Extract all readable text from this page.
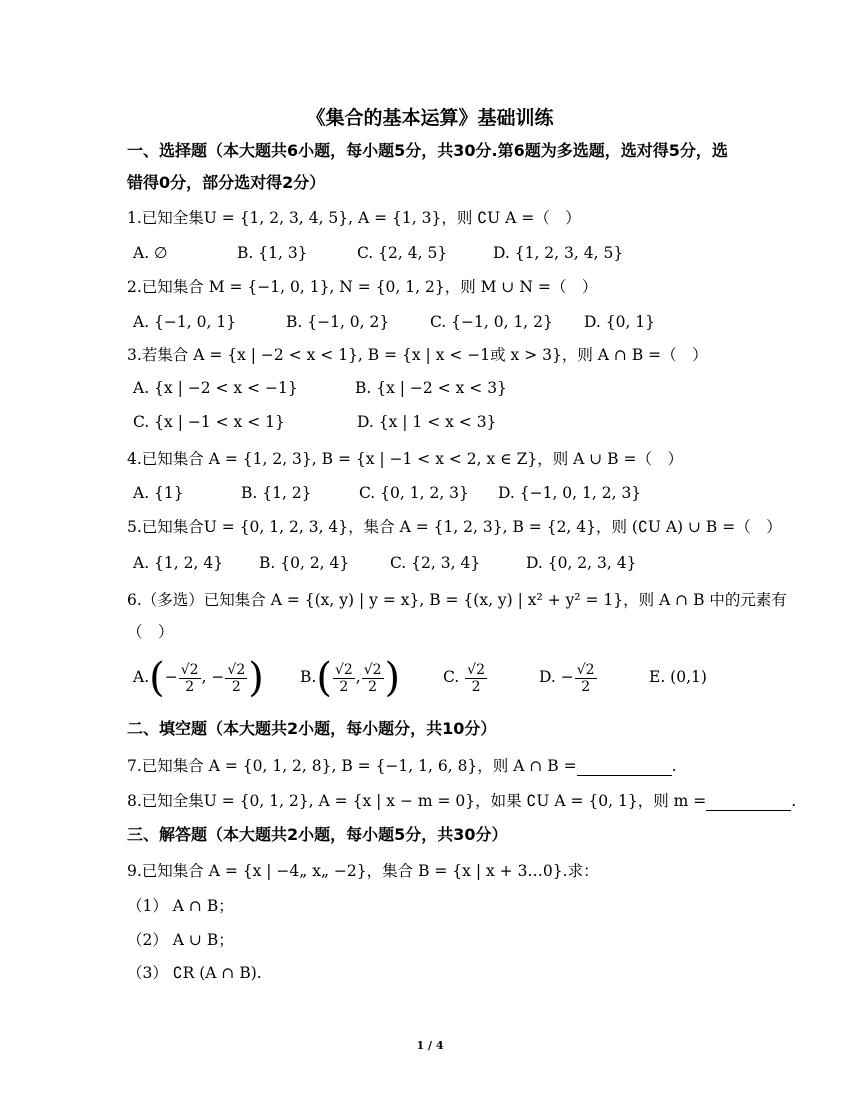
《集合的基本运算》基础训练
一、选择题（本大题共6小题，每小题5分，共30分.第6题为多选题，选对得5分，选
错得0分，部分选对得2分）
1.已知全集U = {1, 2, 3, 4, 5}, A = {1, 3}，则 ∁U A =（　）
A. ∅	B. {1, 3}	C. {2, 4, 5}	D. {1, 2, 3, 4, 5}
2.已知集合 M = {−1, 0, 1}, N = {0, 1, 2}，则 M ∪ N =（　）
A. {−1, 0, 1}	B. {−1, 0, 2}	C. {−1, 0, 1, 2} D. {0, 1}
3.若集合 A = {x | −2 < x < 1}, B = {x | x < −1或 x > 3}，则 A ∩ B =（　）
A. {x | −2 < x < −1}	B. {x | −2 < x < 3}
C. {x | −1 < x < 1}	D. {x | 1 < x < 3}
4.已知集合 A = {1, 2, 3}, B = {x | −1 < x < 2, x ∈ Z}，则 A ∪ B =（　）
A. {1}	B. {1, 2}	C. {0, 1, 2, 3} D. {−1, 0, 1, 2, 3}
5.已知集合U = {0, 1, 2, 3, 4}，集合 A = {1, 2, 3}, B = {2, 4}，则 (∁U A) ∪ B =（　）
A. {1, 2, 4} B. {0, 2, 4}	C. {2, 3, 4}	D. {0, 2, 3, 4}
6.（多选）已知集合 A = {(x, y) | y = x}, B = {(x, y) | x² + y² = 1}，则 A ∩ B 中的元素有
（　）
$A.(- \frac{√2}{2}$ , − $\frac{√2}{2}$ ) $B.( \frac{√2}{2}$ , $\frac{√2}{2}$ )	C. $\frac{√2}{2}$	D. − $\frac{√2}{2}$	E. (0,1)
二、填空题（本大题共2小题，每小题分，共10分）
7.已知集合 A = {0, 1, 2, 8}, B = {−1, 1, 6, 8}，则 A ∩ B =	.
8.已知全集U = {0, 1, 2}, A = {x | x − m = 0}，如果 ∁U A = {0, 1}，则 m =	.
三、解答题（本大题共2小题，每小题5分，共30分）
9.已知集合 A = {x | −4„ x„ −2}，集合 B = {x | x + 3…0}.求：
（1） A ∩ B；
（2） A ∪ B；
（3） ∁R (A ∩ B).
1 / 4
